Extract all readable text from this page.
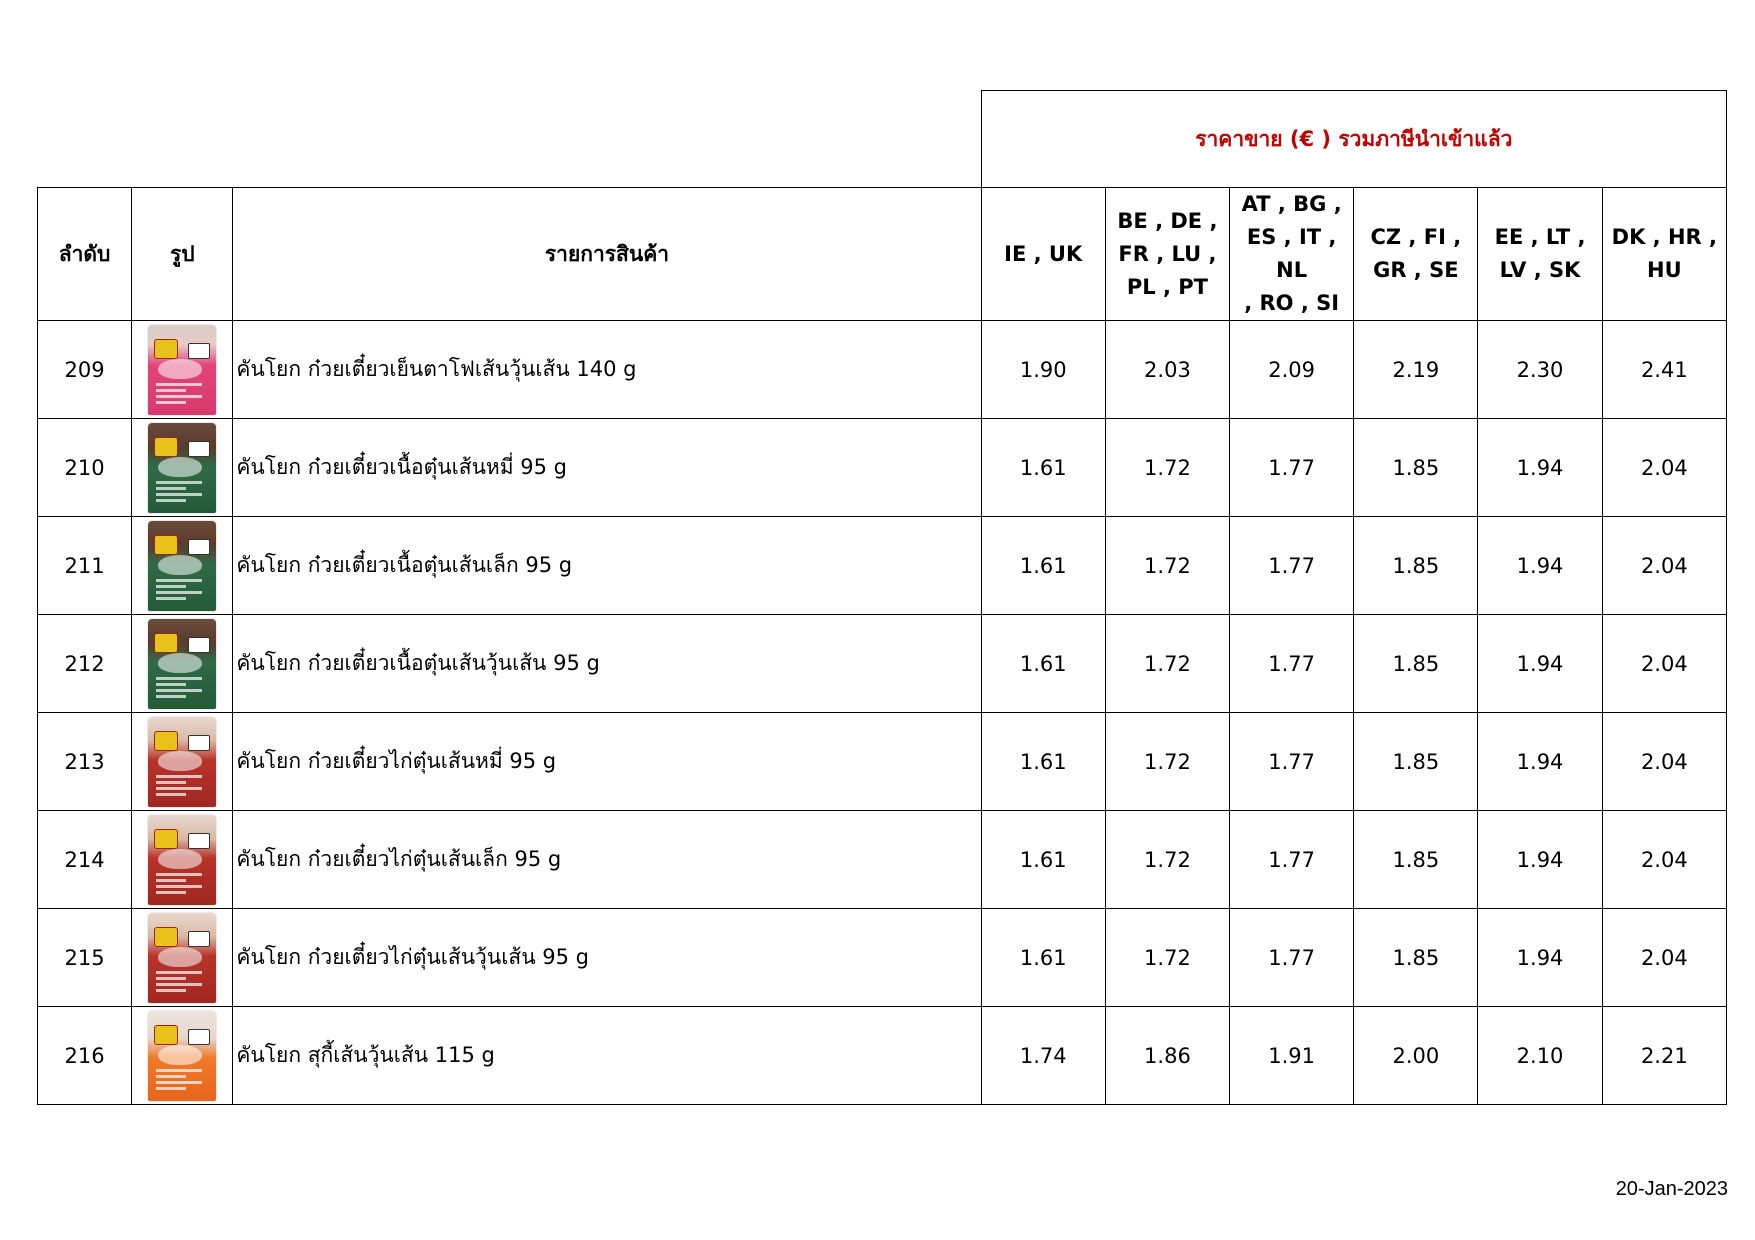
			ราคาขาย (€ ) รวมภาษีนำเข้าแล้ว					
ลำดับ	รูป	รายการสินค้า	IE , UK	BE , DE ,
FR , LU ,
PL , PT	AT , BG ,
ES , IT , NL
, RO , SI	CZ , FI ,
GR , SE	EE , LT ,
LV , SK	DK , HR ,
HU
209		คันโยก ก๋วยเตี๋ยวเย็นตาโฟเส้นวุ้นเส้น 140 g	1.90	2.03	2.09	2.19	2.30	2.41
210		คันโยก ก๋วยเตี๋ยวเนื้อตุ๋นเส้นหมี่ 95 g	1.61	1.72	1.77	1.85	1.94	2.04
211		คันโยก ก๋วยเตี๋ยวเนื้อตุ๋นเส้นเล็ก 95 g	1.61	1.72	1.77	1.85	1.94	2.04
212		คันโยก ก๋วยเตี๋ยวเนื้อตุ๋นเส้นวุ้นเส้น 95 g	1.61	1.72	1.77	1.85	1.94	2.04
213		คันโยก ก๋วยเตี๋ยวไก่ตุ๋นเส้นหมี่ 95 g	1.61	1.72	1.77	1.85	1.94	2.04
214		คันโยก ก๋วยเตี๋ยวไก่ตุ๋นเส้นเล็ก 95 g	1.61	1.72	1.77	1.85	1.94	2.04
215		คันโยก ก๋วยเตี๋ยวไก่ตุ๋นเส้นวุ้นเส้น 95 g	1.61	1.72	1.77	1.85	1.94	2.04
216		คันโยก สุกี้เส้นวุ้นเส้น 115 g	1.74	1.86	1.91	2.00	2.10	2.21
20-Jan-2023
